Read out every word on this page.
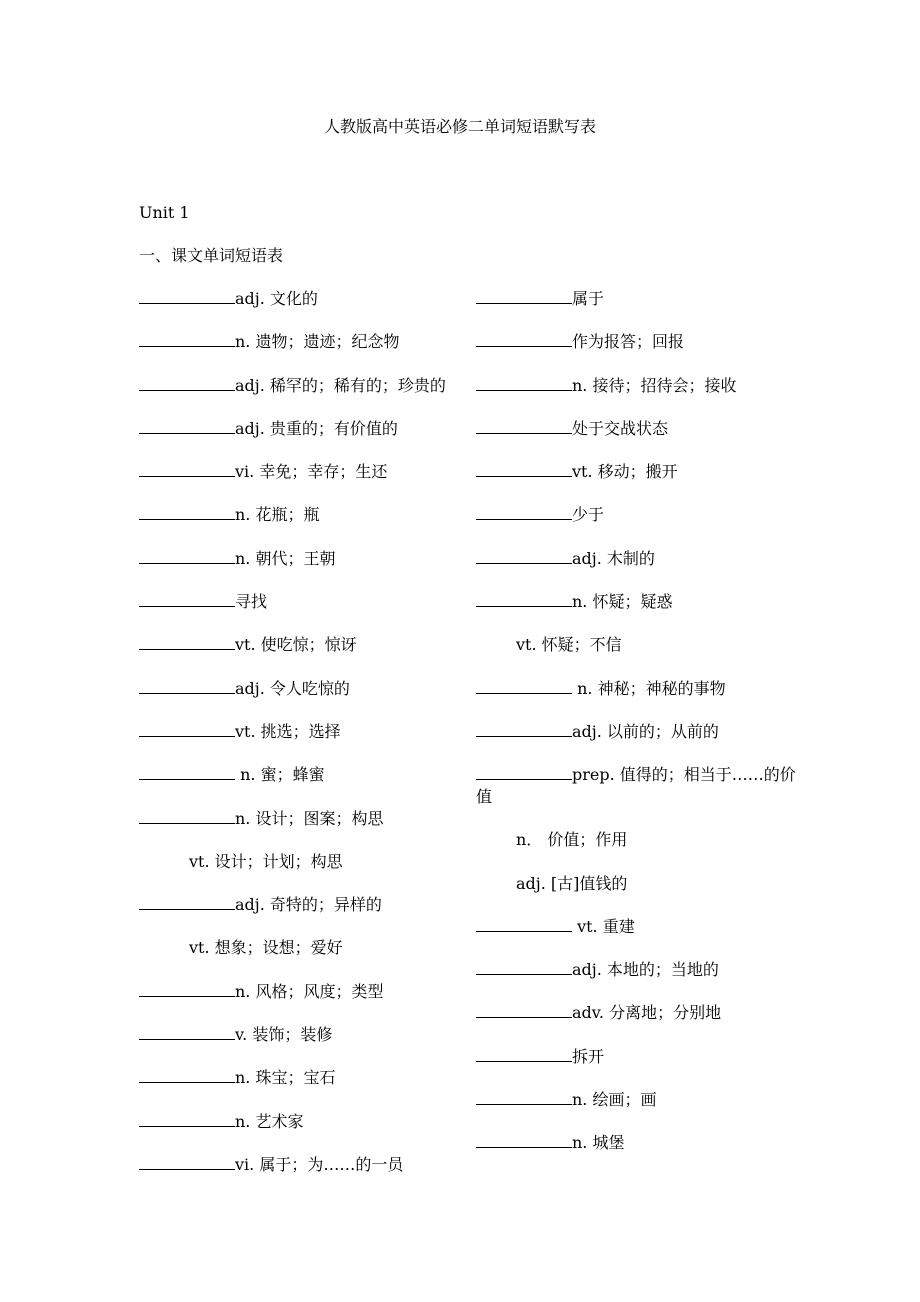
人教版高中英语必修二单词短语默写表
Unit 1
一、课文单词短语表
adj. 文化的
n. 遗物；遗迹；纪念物
adj. 稀罕的；稀有的；珍贵的
adj. 贵重的；有价值的
vi. 幸免；幸存；生还
n. 花瓶；瓶
n. 朝代；王朝
寻找
vt. 使吃惊；惊讶
adj. 令人吃惊的
vt. 挑选；选择
n. 蜜；蜂蜜
n. 设计；图案；构思
vt. 设计；计划；构思
adj. 奇特的；异样的
vt. 想象；设想；爱好
n. 风格；风度；类型
v. 装饰；装修
n. 珠宝；宝石
n. 艺术家
vi. 属于；为……的一员
属于
作为报答；回报
n. 接待；招待会；接收
处于交战状态
vt. 移动；搬开
少于
adj. 木制的
n. 怀疑；疑惑
vt. 怀疑；不信
n. 神秘；神秘的事物
adj. 以前的；从前的
prep. 值得的；相当于……的价值
n． 价值；作用
adj. [古]值钱的
vt. 重建
adj. 本地的；当地的
adv. 分离地；分别地
拆开
n. 绘画；画
n. 城堡
